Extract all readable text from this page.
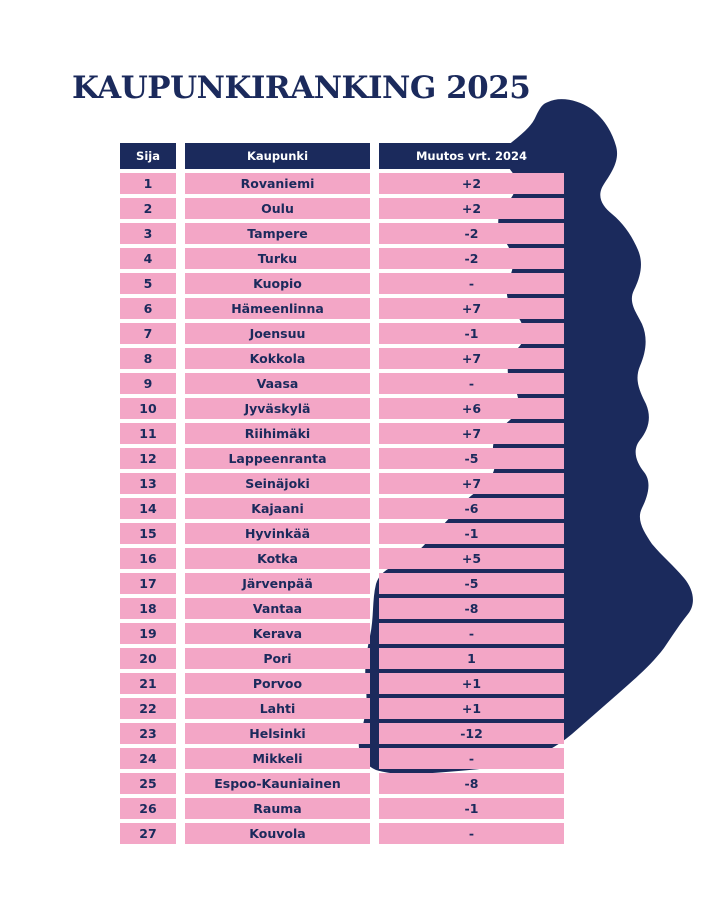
KAUPUNKIRANKING 2025
Sija	Kaupunki	Muutos vrt. 2024
1	Rovaniemi	+2
2	Oulu	+2
3	Tampere	-2
4	Turku	-2
5	Kuopio	-
6	Hämeenlinna	+7
7	Joensuu	-1
8	Kokkola	+7
9	Vaasa	-
10	Jyväskylä	+6
11	Riihimäki	+7
12	Lappeenranta	-5
13	Seinäjoki	+7
14	Kajaani	-6
15	Hyvinkää	-1
16	Kotka	+5
17	Järvenpää	-5
18	Vantaa	-8
19	Kerava	-
20	Pori	1
21	Porvoo	+1
22	Lahti	+1
23	Helsinki	-12
24	Mikkeli	-
25	Espoo-Kauniainen	-8
26	Rauma	-1
27	Kouvola	-
